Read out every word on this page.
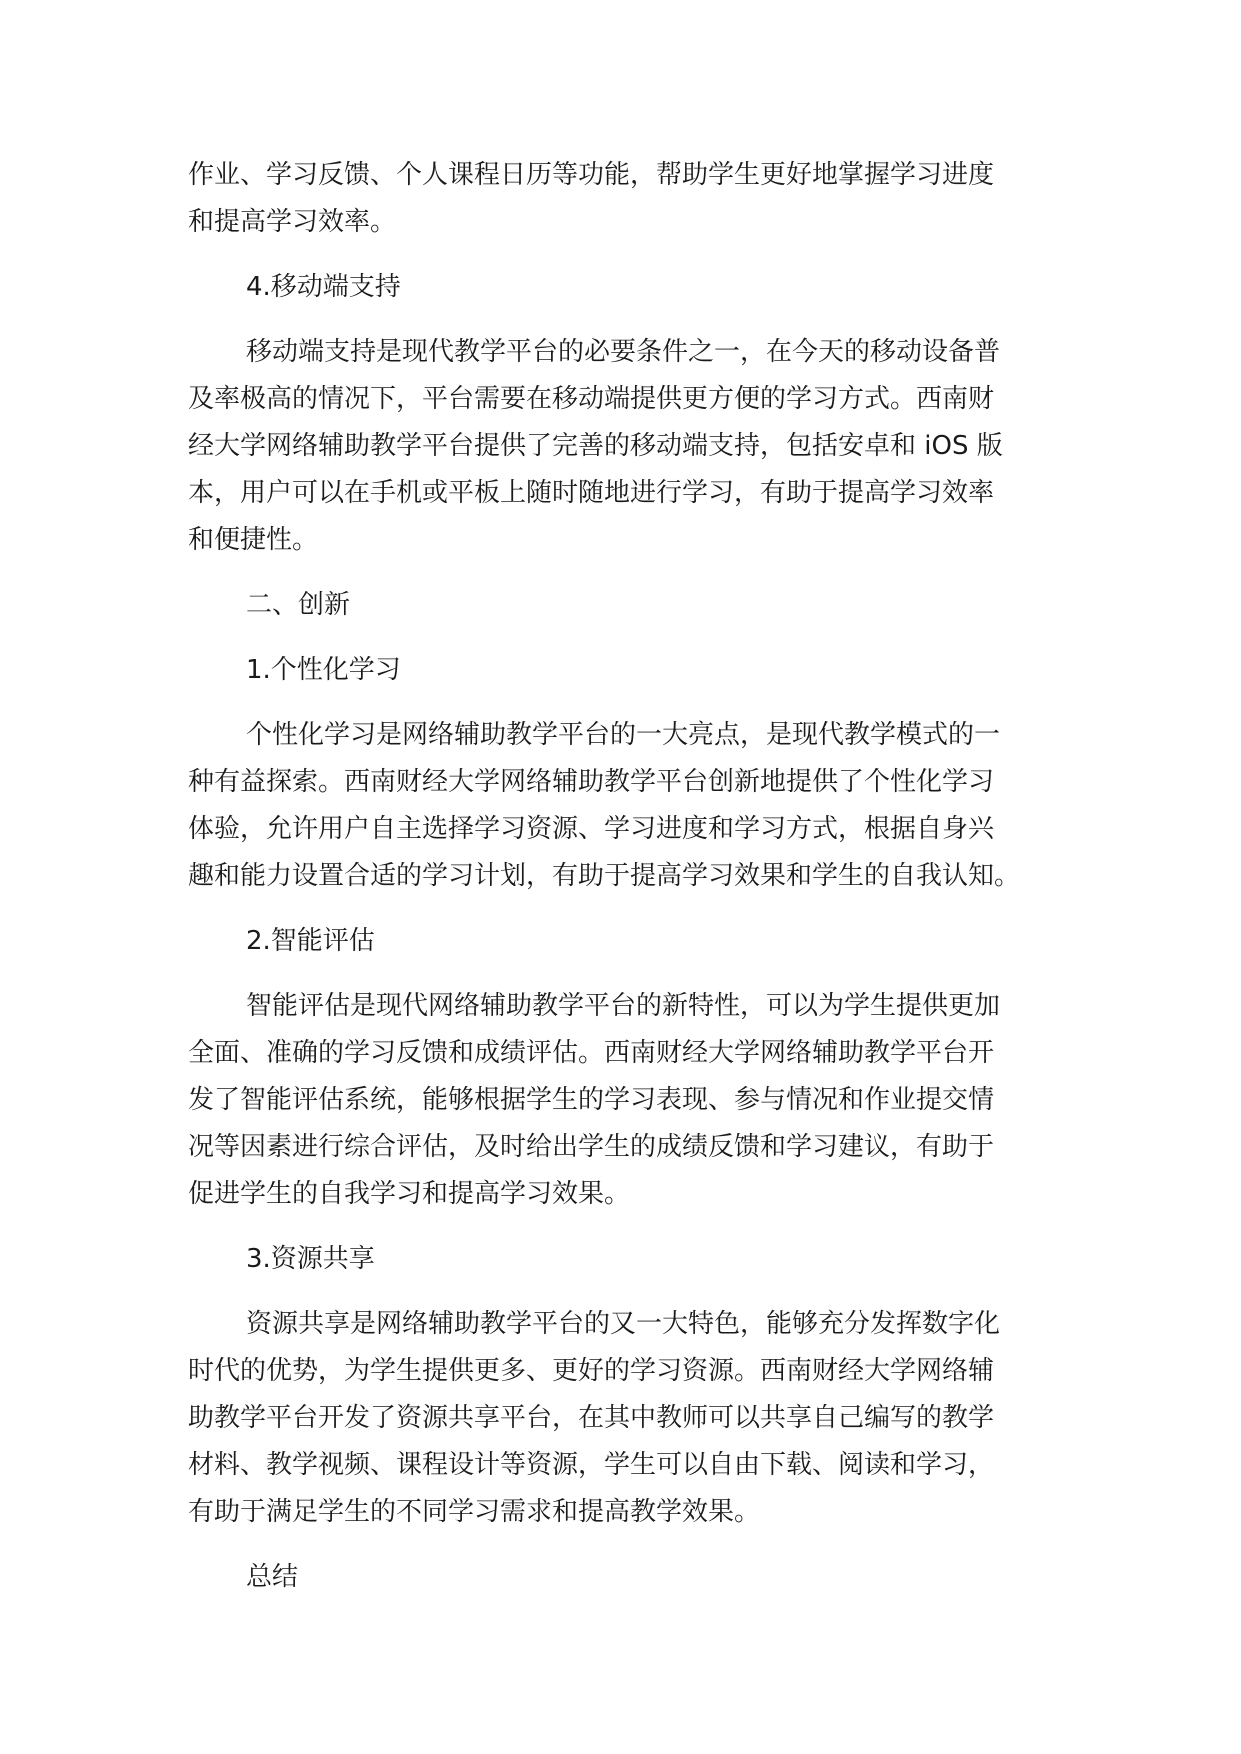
作业、学习反馈、个人课程日历等功能，帮助学生更好地掌握学习进度
和提高学习效率。
4.移动端支持
移动端支持是现代教学平台的必要条件之一，在今天的移动设备普
及率极高的情况下，平台需要在移动端提供更方便的学习方式。西南财
经大学网络辅助教学平台提供了完善的移动端支持，包括安卓和 iOS 版
本，用户可以在手机或平板上随时随地进行学习，有助于提高学习效率
和便捷性。
二、创新
1.个性化学习
个性化学习是网络辅助教学平台的一大亮点，是现代教学模式的一
种有益探索。西南财经大学网络辅助教学平台创新地提供了个性化学习
体验，允许用户自主选择学习资源、学习进度和学习方式，根据自身兴
趣和能力设置合适的学习计划，有助于提高学习效果和学生的自我认知。
2.智能评估
智能评估是现代网络辅助教学平台的新特性，可以为学生提供更加
全面、准确的学习反馈和成绩评估。西南财经大学网络辅助教学平台开
发了智能评估系统，能够根据学生的学习表现、参与情况和作业提交情
况等因素进行综合评估，及时给出学生的成绩反馈和学习建议，有助于
促进学生的自我学习和提高学习效果。
3.资源共享
资源共享是网络辅助教学平台的又一大特色，能够充分发挥数字化
时代的优势，为学生提供更多、更好的学习资源。西南财经大学网络辅
助教学平台开发了资源共享平台，在其中教师可以共享自己编写的教学
材料、教学视频、课程设计等资源，学生可以自由下载、阅读和学习，
有助于满足学生的不同学习需求和提高教学效果。
总结
